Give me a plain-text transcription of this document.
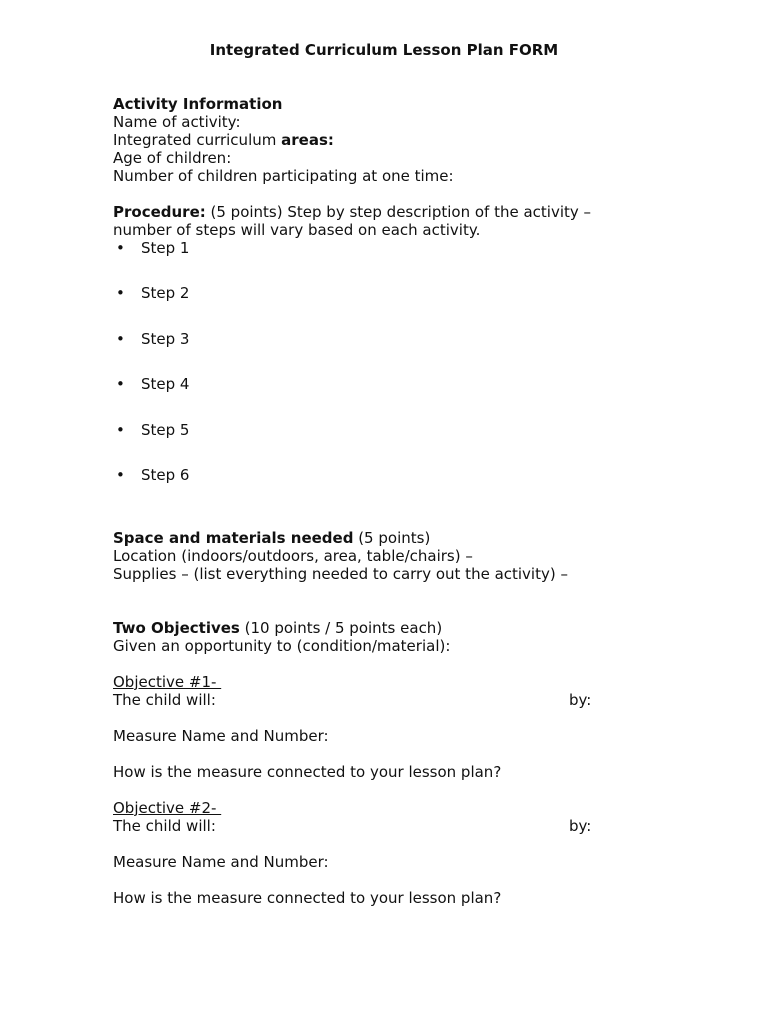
Integrated Curriculum Lesson Plan FORM
Activity Information
Name of activity:
Integrated curriculum areas:
Age of children:
Number of children participating at one time:
Procedure: (5 points) Step by step description of the activity –
number of steps will vary based on each activity.
• Step 1
• Step 2
• Step 3
• Step 4
• Step 5
• Step 6
Space and materials needed (5 points)
Location (indoors/outdoors, area, table/chairs) –
Supplies – (list everything needed to carry out the activity) –
Two Objectives (10 points / 5 points each)
Given an opportunity to (condition/material):
Objective #1-
The child will:	by:
Measure Name and Number:
How is the measure connected to your lesson plan?
Objective #2-
The child will:	by:
Measure Name and Number:
How is the measure connected to your lesson plan?
